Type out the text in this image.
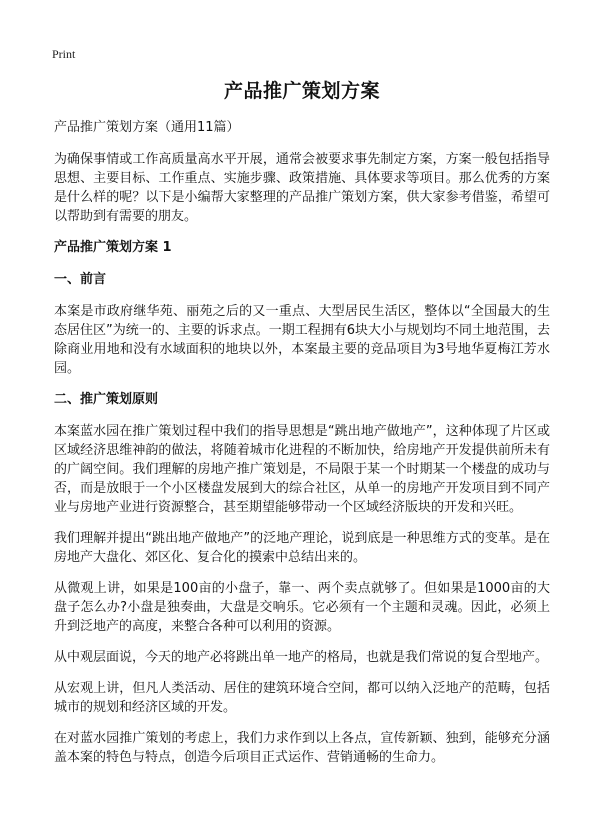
Print
产品推广策划方案
产品推广策划方案（通用11篇）

为确保事情或工作高质量高水平开展，通常会被要求事先制定方案，方案一般包括指导思想、主要目标、工作重点、实施步骤、政策措施、具体要求等项目。那么优秀的方案是什么样的呢？以下是小编帮大家整理的产品推广策划方案，供大家参考借鉴，希望可以帮助到有需要的朋友。

产品推广策划方案 1
一、前言

本案是市政府继华苑、丽苑之后的又一重点、大型居民生活区，整体以“全国最大的生态居住区”为统一的、主要的诉求点。一期工程拥有6块大小与规划均不同土地范围，去除商业用地和没有水域面积的地块以外，本案最主要的竞品项目为3号地华夏梅江芳水园。

二、推广策划原则

本案蓝水园在推广策划过程中我们的指导思想是“跳出地产做地产”，这种体现了片区或区域经济思维神韵的做法，将随着城市化进程的不断加快，给房地产开发提供前所未有的广阔空间。我们理解的房地产推广策划是，不局限于某一个时期某一个楼盘的成功与否，而是放眼于一个小区楼盘发展到大的综合社区，从单一的房地产开发项目到不同产业与房地产业进行资源整合，甚至期望能够带动一个区域经济版块的开发和兴旺。

我们理解并提出“跳出地产做地产”的泛地产理论，说到底是一种思维方式的变革。是在房地产大盘化、郊区化、复合化的摸索中总结出来的。

从微观上讲，如果是100亩的小盘子，靠一、两个卖点就够了。但如果是1000亩的大盘子怎么办?小盘是独奏曲，大盘是交响乐。它必须有一个主题和灵魂。因此，必须上升到泛地产的高度，来整合各种可以利用的资源。

从中观层面说，今天的地产必将跳出单一地产的格局，也就是我们常说的复合型地产。

从宏观上讲，但凡人类活动、居住的建筑环境合空间，都可以纳入泛地产的范畴，包括城市的规划和经济区域的开发。

在对蓝水园推广策划的考虑上，我们力求作到以上各点，宣传新颖、独到，能够充分涵盖本案的特色与特点，创造今后项目正式运作、营销通畅的生命力。
